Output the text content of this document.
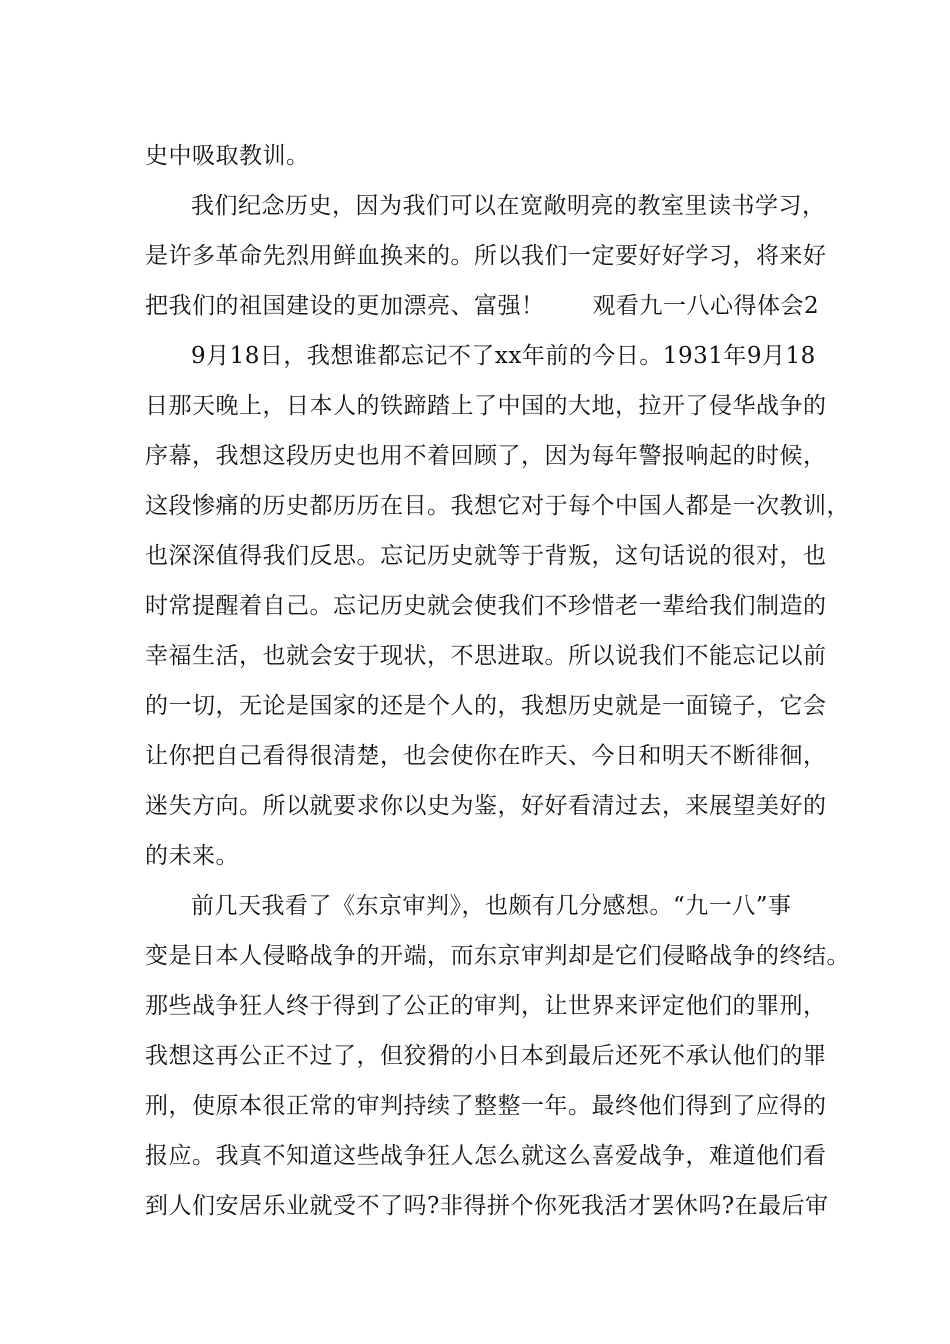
史中吸取教训。
我们纪念历史，因为我们可以在宽敞明亮的教室里读书学习，
是许多革命先烈用鲜血换来的。所以我们一定要好好学习，将来好
把我们的祖国建设的更加漂亮、富强！ 观看九一八心得体会2
9月18日，我想谁都忘记不了xx年前的今日。1931年9月18
日那天晚上，日本人的铁蹄踏上了中国的大地，拉开了侵华战争的
序幕，我想这段历史也用不着回顾了，因为每年警报响起的时候，
这段惨痛的历史都历历在目。我想它对于每个中国人都是一次教训，
也深深值得我们反思。忘记历史就等于背叛，这句话说的很对，也
时常提醒着自己。忘记历史就会使我们不珍惜老一辈给我们制造的
幸福生活，也就会安于现状，不思进取。所以说我们不能忘记以前
的一切，无论是国家的还是个人的，我想历史就是一面镜子，它会
让你把自己看得很清楚，也会使你在昨天、今日和明天不断徘徊，
迷失方向。所以就要求你以史为鉴，好好看清过去，来展望美好的
的未来。
前几天我看了《东京审判》，也颇有几分感想。“九一八”事
变是日本人侵略战争的开端，而东京审判却是它们侵略战争的终结。
那些战争狂人终于得到了公正的审判，让世界来评定他们的罪刑，
我想这再公正不过了，但狡猾的小日本到最后还死不承认他们的罪
刑，使原本很正常的审判持续了整整一年。最终他们得到了应得的
报应。我真不知道这些战争狂人怎么就这么喜爱战争，难道他们看
到人们安居乐业就受不了吗?非得拼个你死我活才罢休吗?在最后审
